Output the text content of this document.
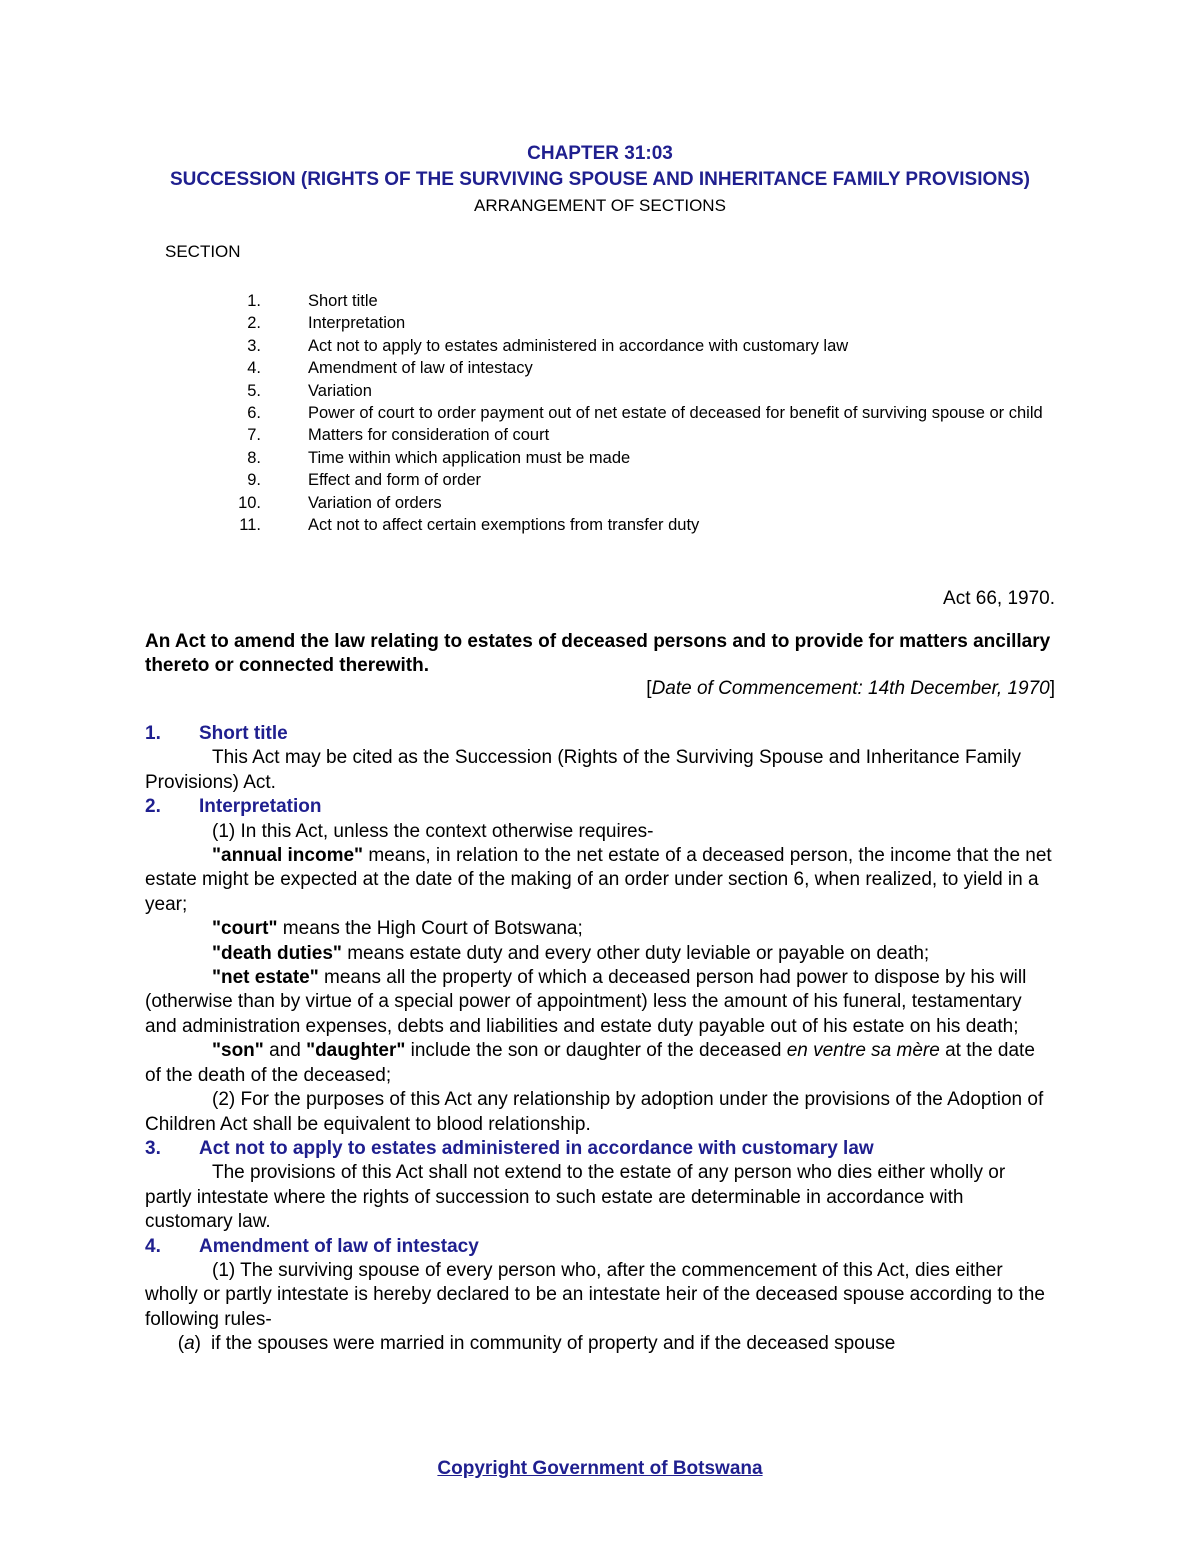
CHAPTER 31:03
SUCCESSION (RIGHTS OF THE SURVIVING SPOUSE AND INHERITANCE FAMILY PROVISIONS)
ARRANGEMENT OF SECTIONS
SECTION
1.	Short title
2.	Interpretation
3.	Act not to apply to estates administered in accordance with customary law
4.	Amendment of law of intestacy
5.	Variation
6.	Power of court to order payment out of net estate of deceased for benefit of surviving spouse or child
7.	Matters for consideration of court
8.	Time within which application must be made
9.	Effect and form of order
10.	Variation of orders
11.	Act not to affect certain exemptions from transfer duty
Act 66, 1970.
An Act to amend the law relating to estates of deceased persons and to provide for matters ancillary thereto or connected therewith.
[Date of Commencement: 14th December, 1970]
1.	Short title

This Act may be cited as the Succession (Rights of the Surviving Spouse and Inheritance Family Provisions) Act.

2.	Interpretation

(1) In this Act, unless the context otherwise requires-

"annual income" means, in relation to the net estate of a deceased person, the income that the net estate might be expected at the date of the making of an order under section 6, when realized, to yield in a year;

"court" means the High Court of Botswana;

"death duties" means estate duty and every other duty leviable or payable on death;

"net estate" means all the property of which a deceased person had power to dispose by his will (otherwise than by virtue of a special power of appointment) less the amount of his funeral, testamentary and administration expenses, debts and liabilities and estate duty payable out of his estate on his death;

"son" and "daughter" include the son or daughter of the deceased en ventre sa mère at the date of the death of the deceased;

(2) For the purposes of this Act any relationship by adoption under the provisions of the Adoption of Children Act shall be equivalent to blood relationship.

3.	Act not to apply to estates administered in accordance with customary law

The provisions of this Act shall not extend to the estate of any person who dies either wholly or partly intestate where the rights of succession to such estate are determinable in accordance with customary law.

4.	Amendment of law of intestacy

(1) The surviving spouse of every person who, after the commencement of this Act, dies either wholly or partly intestate is hereby declared to be an intestate heir of the deceased spouse according to the following rules-

(a) if the spouses were married in community of property and if the deceased spouse
Copyright Government of Botswana
